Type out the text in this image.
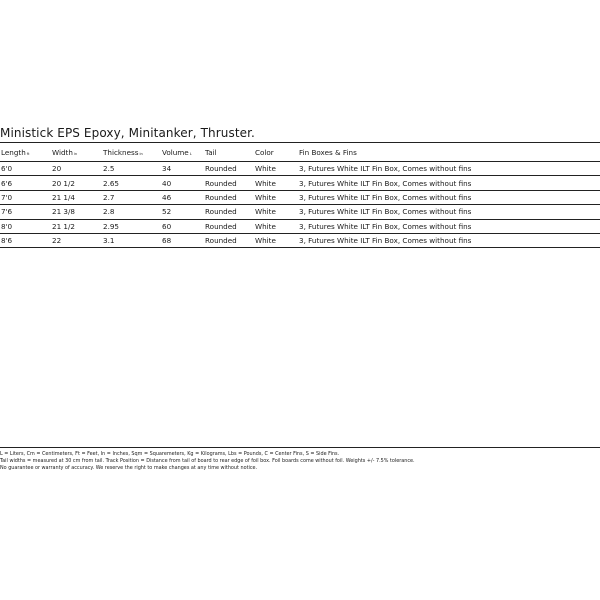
Ministick EPS Epoxy, Minitanker, Thruster.
Lengthft	Widthin	Thicknessin	VolumeL	Tail	Color	Fin Boxes & Fins
6'0	20	2.5	34	Rounded	White	3, Futures White ILT Fin Box, Comes without fins
6'6	20 1/2	2.65	40	Rounded	White	3, Futures White ILT Fin Box, Comes without fins
7'0	21 1/4	2.7	46	Rounded	White	3, Futures White ILT Fin Box, Comes without fins
7'6	21 3/8	2.8	52	Rounded	White	3, Futures White ILT Fin Box, Comes without fins
8'0	21 1/2	2.95	60	Rounded	White	3, Futures White ILT Fin Box, Comes without fins
8'6	22	3.1	68	Rounded	White	3, Futures White ILT Fin Box, Comes without fins

L = Liters, Cm = Centimeters, Ft = Feet, In = Inches, Sqm = Squaremeters, Kg = Kilograms, Lbs = Pounds, C = Center Fins, S = Side Fins.

Tail widths = measured at 30 cm from tail. Track Position = Distance from tail of board to rear edge of foil box. Foil boards come without foil. Weights +/- 7.5% tolerance.

No guarantee or warranty of accuracy. We reserve the right to make changes at any time without notice.
